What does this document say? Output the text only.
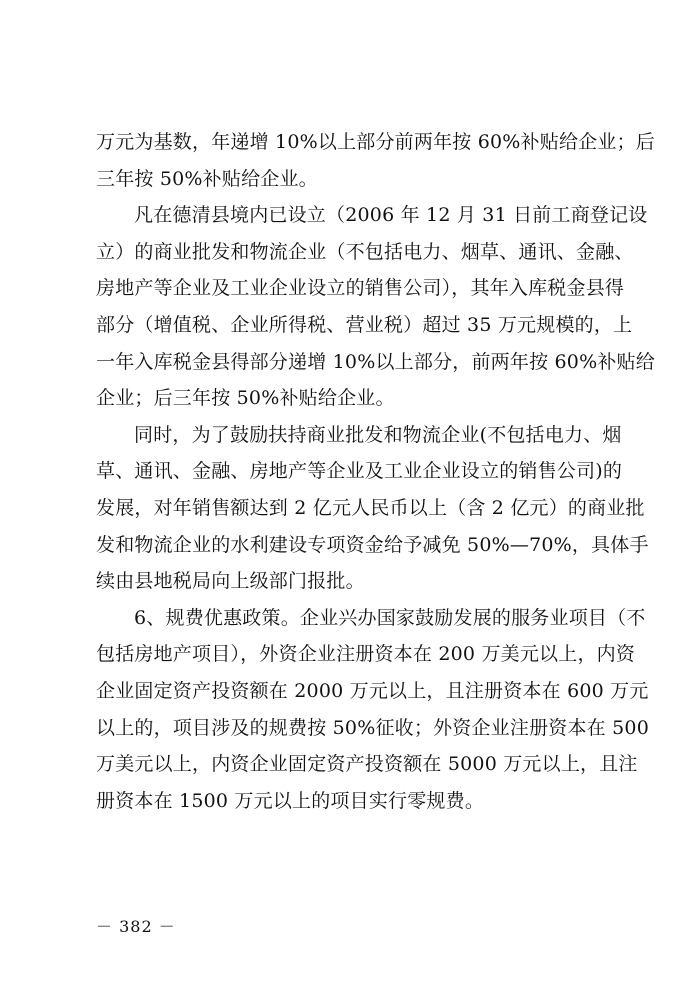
万元为基数，年递增 10%以上部分前两年按 60%补贴给企业；后
三年按 50%补贴给企业。
凡在德清县境内已设立（2006 年 12 月 31 日前工商登记设
立）的商业批发和物流企业（不包括电力、烟草、通讯、金融、
房地产等企业及工业企业设立的销售公司），其年入库税金县得
部分（增值税、企业所得税、营业税）超过 35 万元规模的，上
一年入库税金县得部分递增 10%以上部分，前两年按 60%补贴给
企业；后三年按 50%补贴给企业。
同时，为了鼓励扶持商业批发和物流企业(不包括电力、烟
草、通讯、金融、房地产等企业及工业企业设立的销售公司)的
发展，对年销售额达到 2 亿元人民币以上（含 2 亿元）的商业批
发和物流企业的水利建设专项资金给予减免 50%—70%，具体手
续由县地税局向上级部门报批。
6、规费优惠政策。企业兴办国家鼓励发展的服务业项目（不
包括房地产项目），外资企业注册资本在 200 万美元以上，内资
企业固定资产投资额在 2000 万元以上，且注册资本在 600 万元
以上的，项目涉及的规费按 50%征收；外资企业注册资本在 500
万美元以上，内资企业固定资产投资额在 5000 万元以上，且注
册资本在 1500 万元以上的项目实行零规费。
－ 382 －
